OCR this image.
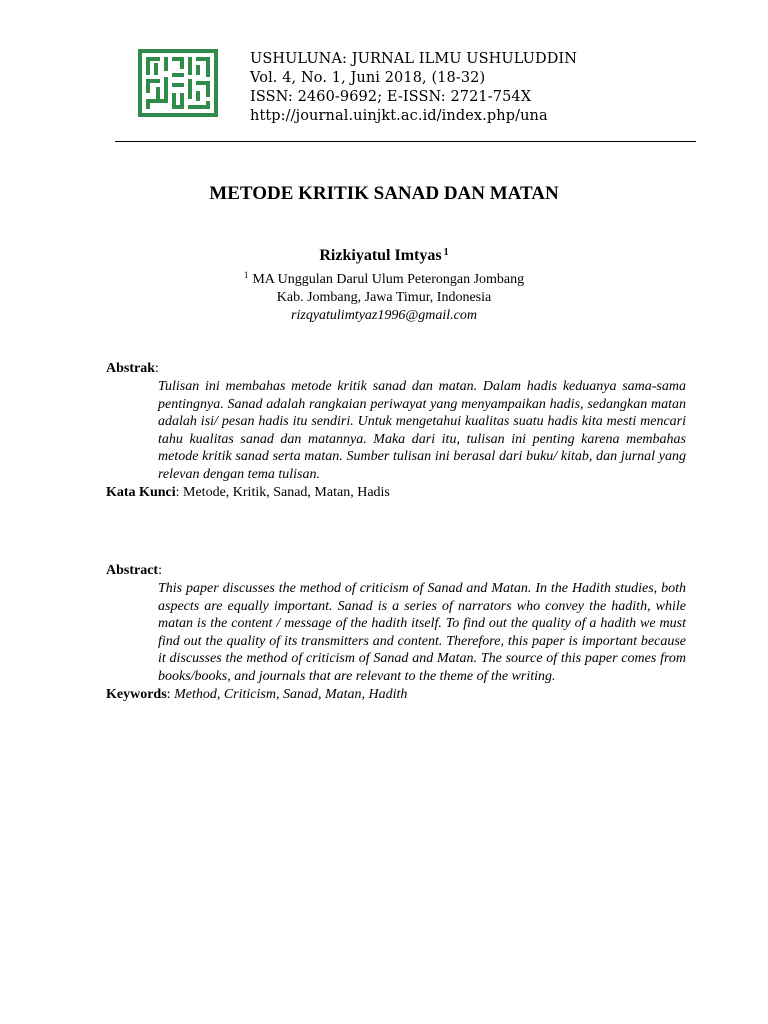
USHULUNA: JURNAL ILMU USHULUDDIN
Vol. 4, No. 1, Juni 2018, (18-32)
ISSN: 2460-9692; E-ISSN: 2721-754X
http://journal.uinjkt.ac.id/index.php/una
METODE KRITIK SANAD DAN MATAN
Rizkiyatul Imtyas $^1$
$^1$ MA Unggulan Darul Ulum Peterongan Jombang
Kab. Jombang, Jawa Timur, Indonesia
rizqyatulimtyaz1996@gmail.com
Abstrak:
Tulisan ini membahas metode kritik sanad dan matan. Dalam hadis keduanya sama-sama pentingnya. Sanad adalah rangkaian periwayat yang menyampaikan hadis, sedangkan matan adalah isi/ pesan hadis itu sendiri. Untuk mengetahui kualitas suatu hadis kita mesti mencari tahu kualitas sanad dan matannya. Maka dari itu, tulisan ini penting karena membahas metode kritik sanad serta matan. Sumber tulisan ini berasal dari buku/ kitab, dan jurnal yang relevan dengan tema tulisan.
Kata Kunci: Metode, Kritik, Sanad, Matan, Hadis
Abstract:
This paper discusses the method of criticism of Sanad and Matan. In the Hadith studies, both aspects are equally important. Sanad is a series of narrators who convey the hadith, while matan is the content / message of the hadith itself. To find out the quality of a hadith we must find out the quality of its transmitters and content. Therefore, this paper is important because it discusses the method of criticism of Sanad and Matan. The source of this paper comes from books/books, and journals that are relevant to the theme of the writing.
Keywords: Method, Criticism, Sanad, Matan, Hadith
